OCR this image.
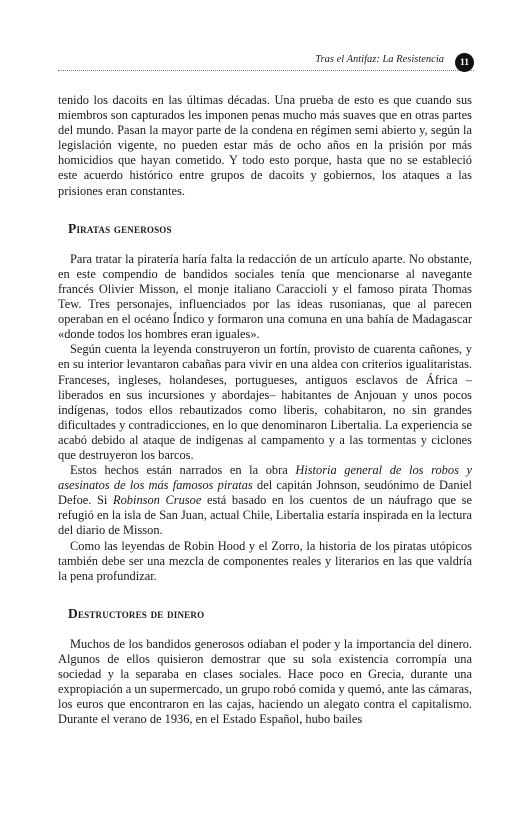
Tras el Antifaz: La Resistencia	11

tenido los dacoits en las últimas décadas. Una prueba de esto es que cuando sus miembros son capturados les imponen penas mucho más suaves que en otras partes del mundo. Pasan la mayor parte de la condena en régimen semi abierto y, según la legislación vigente, no pueden estar más de ocho años en la prisión por más homicidios que hayan cometido. Y todo esto porque, hasta que no se estableció este acuerdo histórico entre grupos de dacoits y gobiernos, los ataques a las prisiones eran constantes.

Piratas generosos

Para tratar la piratería haría falta la redacción de un artículo aparte. No obstante, en este compendio de bandidos sociales tenía que mencionarse al navegante francés Olivier Misson, el monje italiano Caraccioli y el famoso pirata Thomas Tew. Tres personajes, influenciados por las ideas rusonianas, que al parecen operaban en el océano Índico y formaron una comuna en una bahía de Madagascar «donde todos los hombres eran iguales».

Según cuenta la leyenda construyeron un fortín, provisto de cuarenta cañones, y en su interior levantaron cabañas para vivir en una aldea con criterios igualitaristas. Franceses, ingleses, holandeses, portugueses, antiguos esclavos de África –liberados en sus incursiones y abordajes– habitantes de Anjouan y unos pocos indígenas, todos ellos rebautizados como liberis, cohabitaron, no sin grandes dificultades y contradicciones, en lo que denominaron Libertalia. La experiencia se acabó debido al ataque de indígenas al campamento y a las tormentas y ciclones que destruyeron los barcos.

Estos hechos están narrados en la obra Historia general de los robos y asesinatos de los más famosos piratas del capitán Johnson, seudónimo de Daniel Defoe. Si Robinson Crusoe está basado en los cuentos de un náufrago que se refugió en la isla de San Juan, actual Chile, Libertalia estaría inspirada en la lectura del diario de Misson.

Como las leyendas de Robin Hood y el Zorro, la historia de los piratas utópicos también debe ser una mezcla de componentes reales y literarios en las que valdría la pena profundizar.

Destructores de dinero

Muchos de los bandidos generosos odiaban el poder y la importancia del dinero. Algunos de ellos quisieron demostrar que su sola existencia corrompía una sociedad y la separaba en clases sociales. Hace poco en Grecia, durante una expropiación a un supermercado, un grupo robó comida y quemó, ante las cámaras, los euros que encontraron en las cajas, haciendo un alegato contra el capitalismo. Durante el verano de 1936, en el Estado Español, hubo bailes
